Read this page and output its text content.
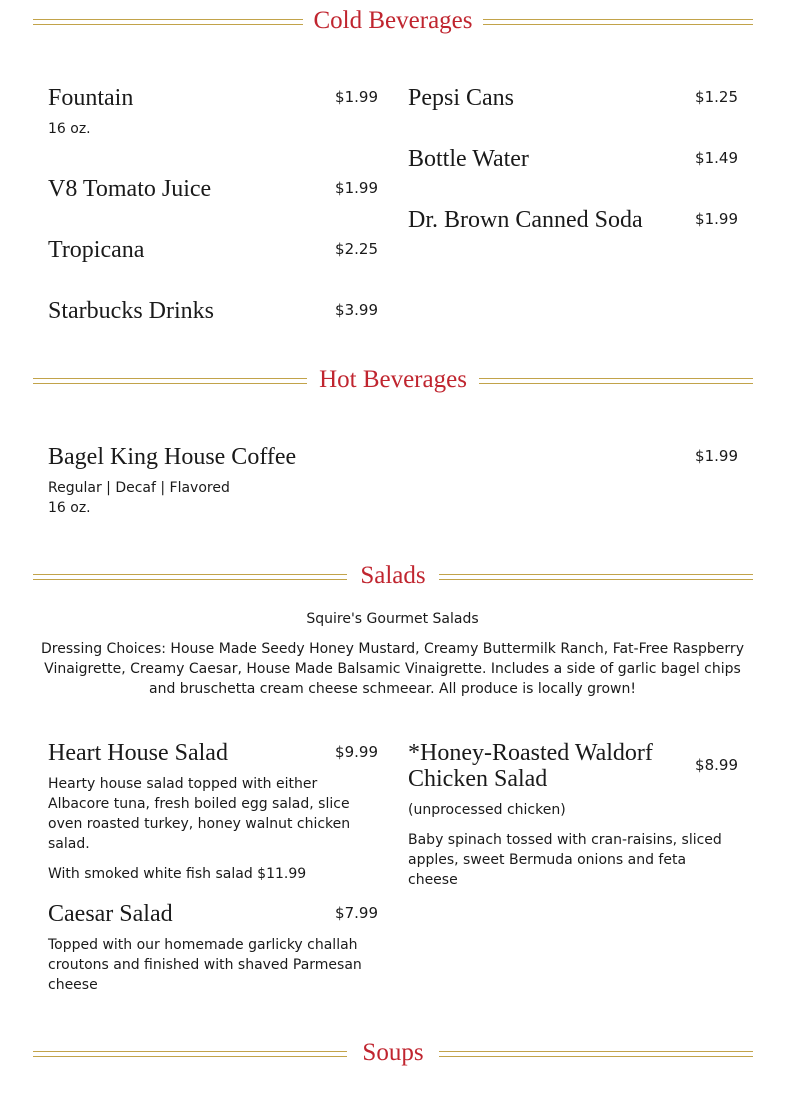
Cold Beverages
Fountain	$1.99
16 oz.
V8 Tomato Juice	$1.99
Tropicana	$2.25
Starbucks Drinks	$3.99
Pepsi Cans	$1.25
Bottle Water	$1.49
Dr. Brown Canned Soda	$1.99
Hot Beverages
Bagel King House Coffee	$1.99
Regular | Decaf | Flavored
16 oz.
Salads
Squire's Gourmet Salads
Dressing Choices: House Made Seedy Honey Mustard, Creamy Buttermilk Ranch, Fat-Free Raspberry Vinaigrette, Creamy Caesar, House Made Balsamic Vinaigrette. Includes a side of garlic bagel chips and bruschetta cream cheese schmeear. All produce is locally grown!
Heart House Salad	$9.99
Hearty house salad topped with either Albacore tuna, fresh boiled egg salad, slice oven roasted turkey, honey walnut chicken salad.
With smoked white fish salad $11.99
Caesar Salad	$7.99
Topped with our homemade garlicky challah croutons and finished with shaved Parmesan cheese
*Honey-Roasted Waldorf Chicken Salad
$8.99
(unprocessed chicken)
Baby spinach tossed with cran-raisins, sliced apples, sweet Bermuda onions and feta cheese
Soups
